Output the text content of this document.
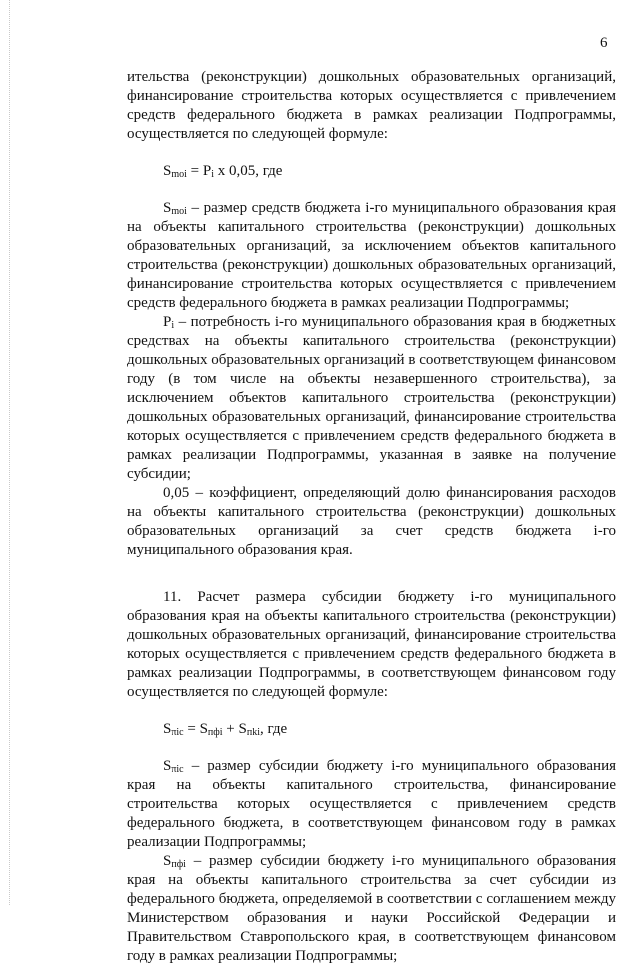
6

ительства (реконструкции) дошкольных образовательных организаций, финансирование строительства которых осуществляется с привлечением средств федерального бюджета в рамках реализации Подпрограммы, осуществляется по следующей формуле:

$S_{moi} = P_i$ х 0,05, где

$S_{moi}$ – размер средств бюджета i-го муниципального образования края на объекты капитального строительства (реконструкции) дошкольных образовательных организаций, за исключением объектов капитального строительства (реконструкции) дошкольных образовательных организаций, финансирование строительства которых осуществляется с привлечением средств федерального бюджета в рамках реализации Подпрограммы;

$P_i$ – потребность i-го муниципального образования края в бюджетных средствах на объекты капитального строительства (реконструкции) дошкольных образовательных организаций в соответствующем финансовом году (в том числе на объекты незавершенного строительства), за исключением объектов капитального строительства (реконструкции) дошкольных образовательных организаций, финансирование строительства которых осуществляется с привлечением средств федерального бюджета в рамках реализации Подпрограммы, указанная в заявке на получение субсидии;

0,05 – коэффициент, определяющий долю финансирования расходов на объекты капитального строительства (реконструкции) дошкольных образовательных организаций за счет средств бюджета i-го муниципального образования края.

11. Расчет размера субсидии бюджету i-го муниципального образования края на объекты капитального строительства (реконструкции) дошкольных образовательных организаций, финансирование строительства которых осуществляется с привлечением средств федерального бюджета в рамках реализации Подпрограммы, в соответствующем финансовом году осуществляется по следующей формуле:

$S_{\pi ic} = S_{пфi} + S_{пki}$, где

$S_{\pi ic}$ – размер субсидии бюджету i-го муниципального образования края на объекты капитального строительства, финансирование строительства которых осуществляется с привлечением средств федерального бюджета, в соответствующем финансовом году в рамках реализации Подпрограммы;

$S_{пфi}$ – размер субсидии бюджету i-го муниципального образования края на объекты капитального строительства за счет субсидии из федерального бюджета, определяемой в соответствии с соглашением между Министерством образования и науки Российской Федерации и Правительством Ставропольского края, в соответствующем финансовом году в рамках реализации Подпрограммы;
